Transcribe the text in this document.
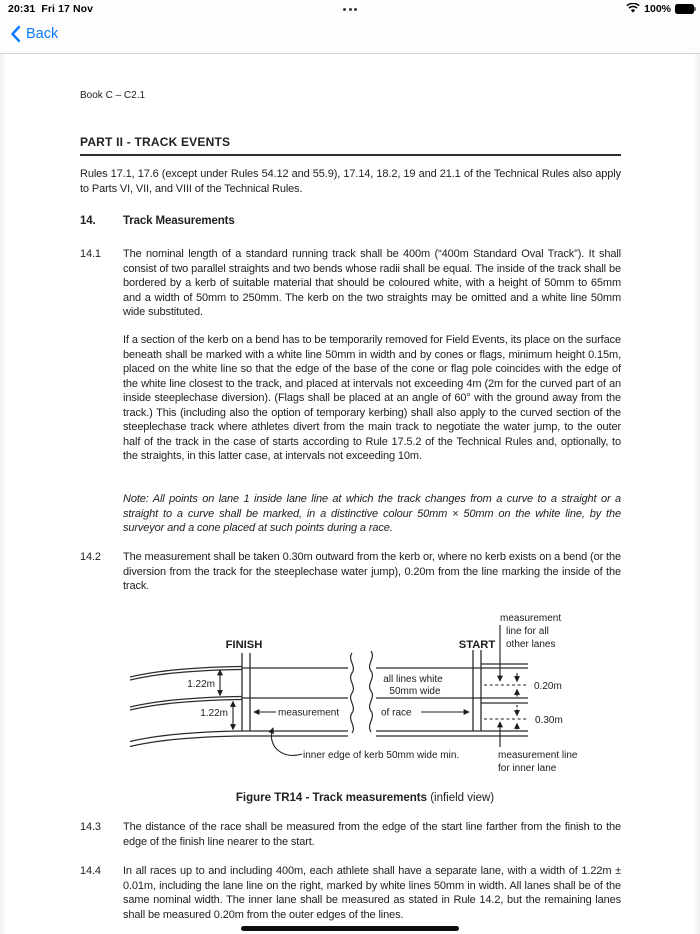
20:31 Fri 17 Nov	100%
Back
Book C – C2.1
PART II - TRACK EVENTS
Rules 17.1, 17.6 (except under Rules 54.12 and 55.9), 17.14, 18.2, 19 and 21.1 of the Technical Rules also apply to Parts VI, VII, and VIII of the Technical Rules.
14. Track Measurements
14.1 The nominal length of a standard running track shall be 400m (“400m Standard Oval Track”). It shall consist of two parallel straights and two bends whose radii shall be equal. The inside of the track shall be bordered by a kerb of suitable material that should be coloured white, with a height of 50mm to 65mm and a width of 50mm to 250mm. The kerb on the two straights may be omitted and a white line 50mm wide substituted.
If a section of the kerb on a bend has to be temporarily removed for Field Events, its place on the surface beneath shall be marked with a white line 50mm in width and by cones or flags, minimum height 0.15m, placed on the white line so that the edge of the base of the cone or flag pole coincides with the edge of the white line closest to the track, and placed at intervals not exceeding 4m (2m for the curved part of an inside steeplechase diversion). (Flags shall be placed at an angle of 60° with the ground away from the track.) This (including also the option of temporary kerbing) shall also apply to the curved section of the steeplechase track where athletes divert from the main track to negotiate the water jump, to the outer half of the track in the case of starts according to Rule 17.5.2 of the Technical Rules and, optionally, to the straights, in this latter case, at intervals not exceeding 10m.
Note: All points on lane 1 inside lane line at which the track changes from a curve to a straight or a straight to a curve shall be marked, in a distinctive colour 50mm × 50mm on the white line, by the surveyor and a cone placed at such points during a race.
14.2 The measurement shall be taken 0.30m outward from the kerb or, where no kerb exists on a bend (or the diversion from the track for the steeplechase water jump), 0.20m from the line marking the inside of the track.
FINISH	START
measurement
line for all
other lanes
1.22m
1.22m
all lines white
50mm wide
measurement	of race
0.20m
0.30m
inner edge of kerb 50mm wide min.	measurement line
for inner lane
Figure TR14 - Track measurements (infield view)
14.3 The distance of the race shall be measured from the edge of the start line farther from the finish to the edge of the finish line nearer to the start.
14.4 In all races up to and including 400m, each athlete shall have a separate lane, with a width of 1.22m ± 0.01m, including the lane line on the right, marked by white lines 50mm in width. All lanes shall be of the same nominal width. The inner lane shall be measured as stated in Rule 14.2, but the remaining lanes shall be measured 0.20m from the outer edges of the lines.
